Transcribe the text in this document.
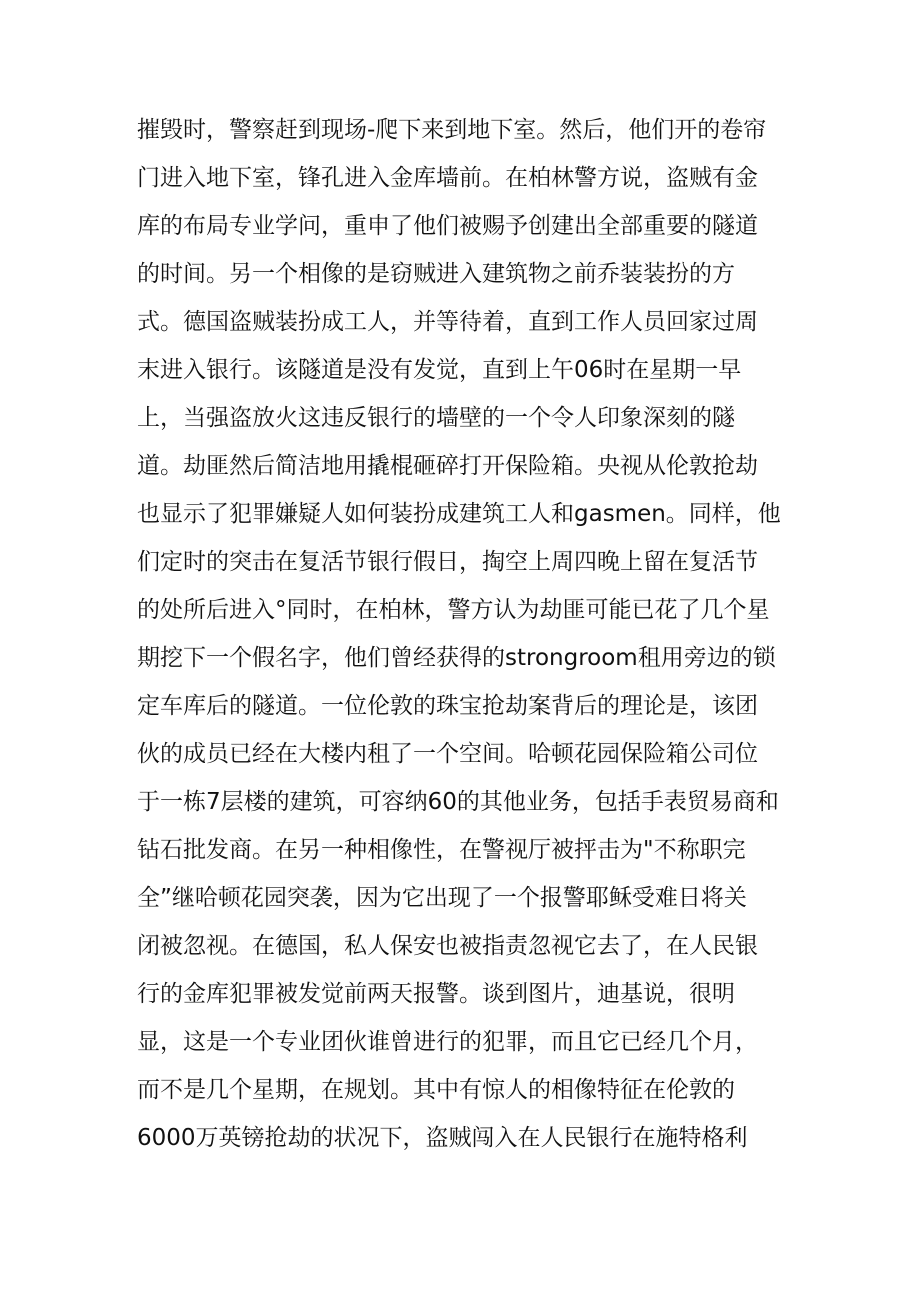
摧毁时，警察赶到现场-爬下来到地下室。然后，他们开的卷帘
门进入地下室，锋孔进入金库墙前。在柏林警方说，盗贼有金
库的布局专业学问，重申了他们被赐予创建出全部重要的隧道
的时间。另一个相像的是窃贼进入建筑物之前乔装装扮的方
式。德国盗贼装扮成工人，并等待着，直到工作人员回家过周
末进入银行。该隧道是没有发觉，直到上午06时在星期一早
上，当强盗放火这违反银行的墙壁的一个令人印象深刻的隧
道。劫匪然后简洁地用撬棍砸碎打开保险箱。央视从伦敦抢劫
也显示了犯罪嫌疑人如何装扮成建筑工人和gasmen。同样，他
们定时的突击在复活节银行假日，掏空上周四晚上留在复活节
的处所后进入°同时，在柏林，警方认为劫匪可能已花了几个星
期挖下一个假名字，他们曾经获得的strongroom租用旁边的锁
定车库后的隧道。一位伦敦的珠宝抢劫案背后的理论是，该团
伙的成员已经在大楼内租了一个空间。哈顿花园保险箱公司位
于一栋7层楼的建筑，可容纳60的其他业务，包括手表贸易商和
钻石批发商。在另一种相像性，在警视厅被抨击为"不称职完
全”继哈顿花园突袭，因为它出现了一个报警耶稣受难日将关
闭被忽视。在德国，私人保安也被指责忽视它去了，在人民银
行的金库犯罪被发觉前两天报警。谈到图片，迪基说，很明
显，这是一个专业团伙谁曾进行的犯罪，而且它已经几个月，
而不是几个星期，在规划。其中有惊人的相像特征在伦敦的
6000万英镑抢劫的状况下，盗贼闯入在人民银行在施特格利
